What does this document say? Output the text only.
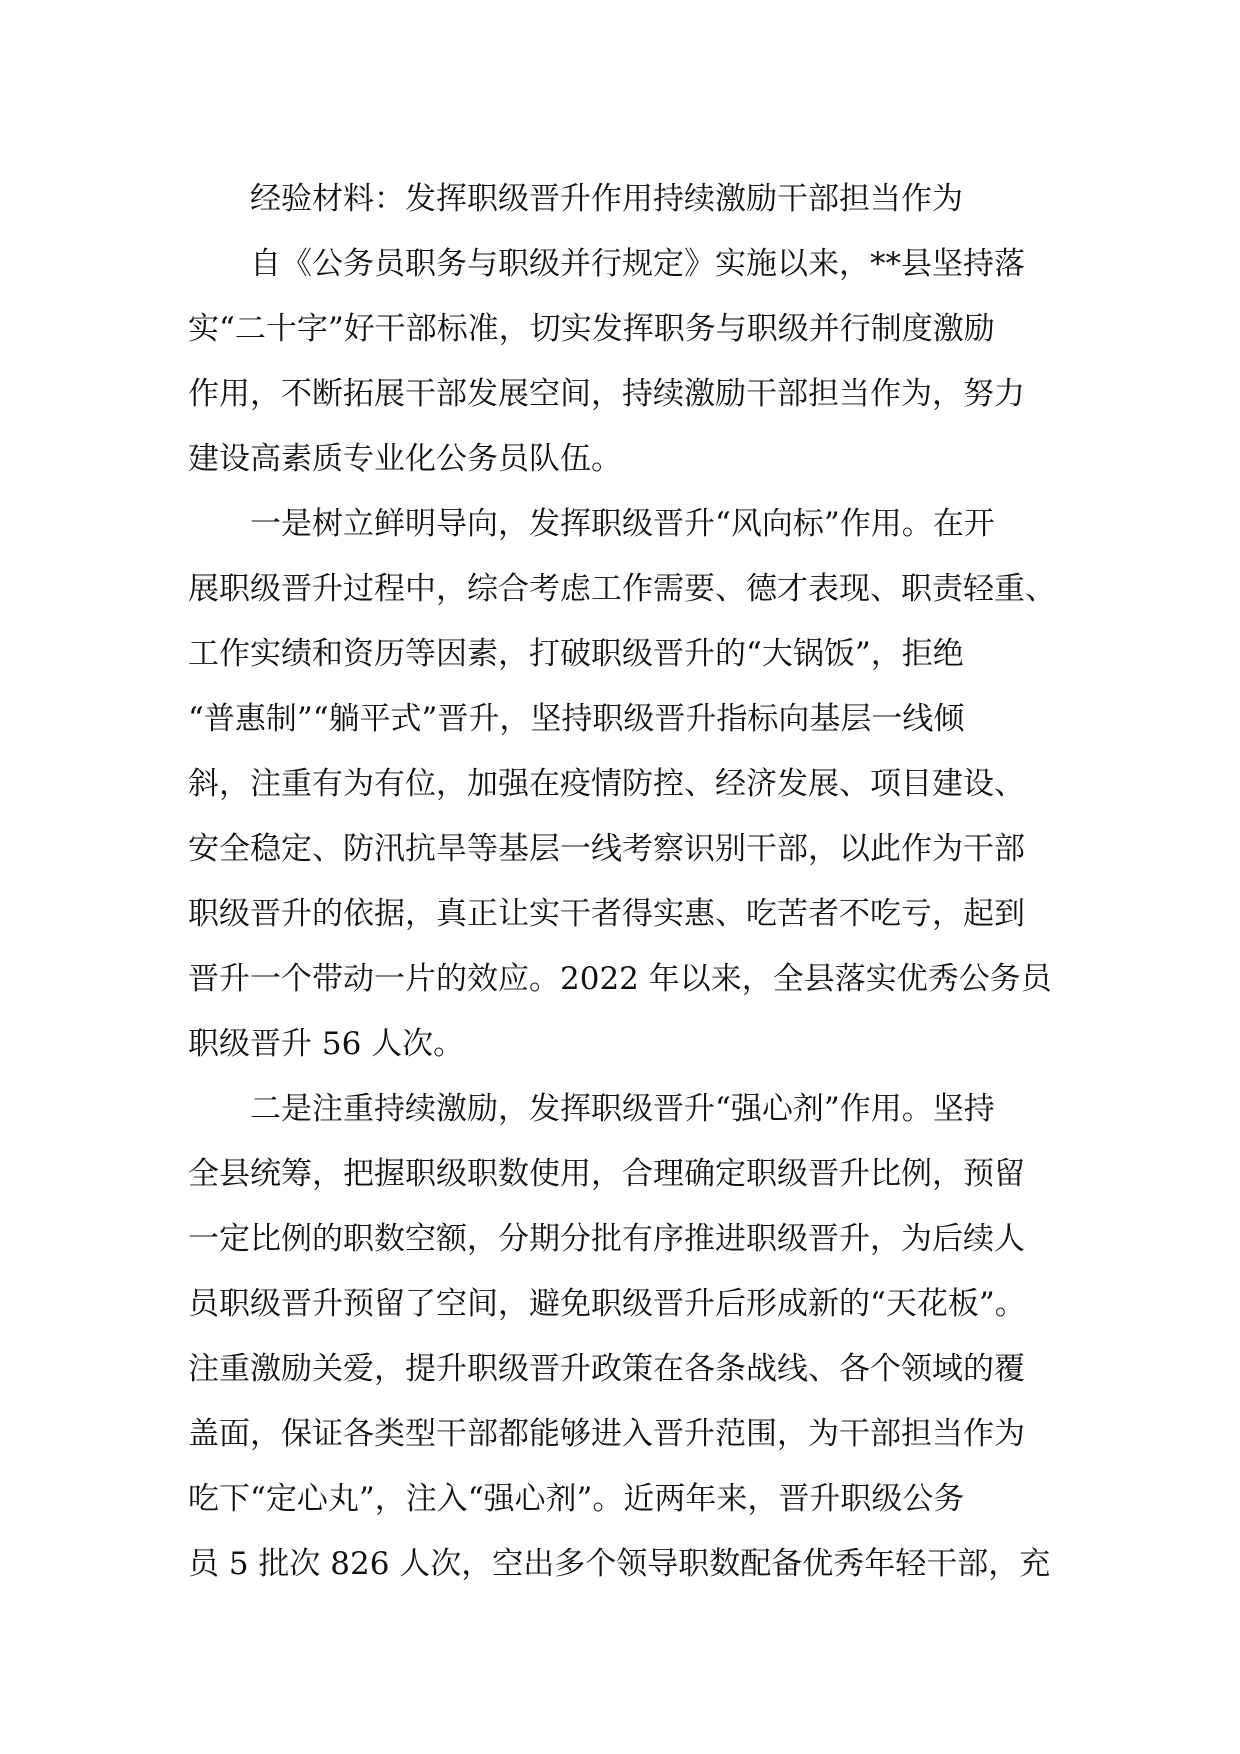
经验材料：发挥职级晋升作用持续激励干部担当作为
自《公务员职务与职级并行规定》实施以来，**县坚持落
实“二十字”好干部标准，切实发挥职务与职级并行制度激励
作用，不断拓展干部发展空间，持续激励干部担当作为，努力
建设高素质专业化公务员队伍。
一是树立鲜明导向，发挥职级晋升“风向标”作用。在开
展职级晋升过程中，综合考虑工作需要、德才表现、职责轻重、
工作实绩和资历等因素，打破职级晋升的“大锅饭”，拒绝
“普惠制”“躺平式”晋升，坚持职级晋升指标向基层一线倾
斜，注重有为有位，加强在疫情防控、经济发展、项目建设、
安全稳定、防汛抗旱等基层一线考察识别干部，以此作为干部
职级晋升的依据，真正让实干者得实惠、吃苦者不吃亏，起到
晋升一个带动一片的效应。2022 年以来，全县落实优秀公务员
职级晋升 56 人次。
二是注重持续激励，发挥职级晋升“强心剂”作用。坚持
全县统筹，把握职级职数使用，合理确定职级晋升比例，预留
一定比例的职数空额，分期分批有序推进职级晋升，为后续人
员职级晋升预留了空间，避免职级晋升后形成新的“天花板”。
注重激励关爱，提升职级晋升政策在各条战线、各个领域的覆
盖面，保证各类型干部都能够进入晋升范围，为干部担当作为
吃下“定心丸”，注入“强心剂”。近两年来，晋升职级公务
员 5 批次 826 人次，空出多个领导职数配备优秀年轻干部，充
